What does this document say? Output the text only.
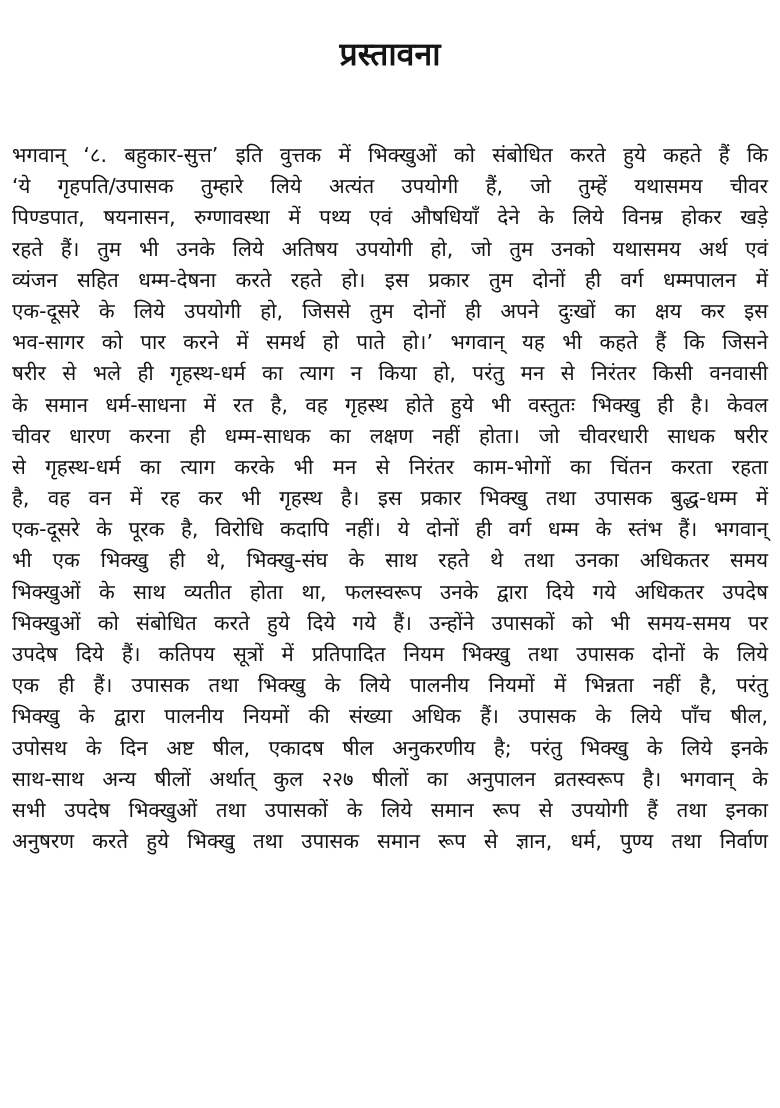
प्रस्तावना
भगवान्‌ ‘८. बहुकार-सुत्त’ इति वुत्तक में भिक्खुओं को संबोधित करते हुये कहते हैं कि
‘ये गृहपति/उपासक तुम्हारे लिये अत्यंत उपयोगी हैं, जो तुम्हें यथासमय चीवर
पिण्डपात, षयनासन, रुग्णावस्था में पथ्य एवं औषधियाँ देने के लिये विनम्र होकर खड़े
रहते हैं। तुम भी उनके लिये अतिषय उपयोगी हो, जो तुम उनको यथासमय अर्थ एवं
व्यंजन सहित धम्म-देषना करते रहते हो। इस प्रकार तुम दोनों ही वर्ग धम्मपालन में
एक-दूसरे के लिये उपयोगी हो, जिससे तुम दोनों ही अपने दुःखों का क्षय कर इस
भव-सागर को पार करने में समर्थ हो पाते हो।’ भगवान्‌ यह भी कहते हैं कि जिसने
षरीर से भले ही गृहस्थ-धर्म का त्याग न किया हो, परंतु मन से निरंतर किसी वनवासी
के समान धर्म-साधना में रत है, वह गृहस्थ होते हुये भी वस्तुतः भिक्खु ही है। केवल
चीवर धारण करना ही धम्म-साधक का लक्षण नहीं होता। जो चीवरधारी साधक षरीर
से गृहस्थ-धर्म का त्याग करके भी मन से निरंतर काम-भोगों का चिंतन करता रहता
है, वह वन में रह कर भी गृहस्थ है। इस प्रकार भिक्खु तथा उपासक बुद्ध-धम्म में
एक-दूसरे के पूरक है, विरोधि कदापि नहीं। ये दोनों ही वर्ग धम्म के स्तंभ हैं। भगवान्‌
भी एक भिक्खु ही थे, भिक्खु-संघ के साथ रहते थे तथा उनका अधिकतर समय
भिक्खुओं के साथ व्यतीत होता था, फलस्वरूप उनके द्वारा दिये गये अधिकतर उपदेष
भिक्खुओं को संबोधित करते हुये दिये गये हैं। उन्होंने उपासकों को भी समय-समय पर
उपदेष दिये हैं। कतिपय सूत्रों में प्रतिपादित नियम भिक्खु तथा उपासक दोनों के लिये
एक ही हैं। उपासक तथा भिक्खु के लिये पालनीय नियमों में भिन्नता नहीं है, परंतु
भिक्खु के द्वारा पालनीय नियमों की संख्या अधिक हैं। उपासक के लिये पाँच षील,
उपोसथ के दिन अष्ट षील, एकादष षील अनुकरणीय है; परंतु भिक्खु के लिये इनके
साथ-साथ अन्य षीलों अर्थात्‌ कुल २२७ षीलों का अनुपालन व्रतस्वरूप है। भगवान्‌ के
सभी उपदेष भिक्खुओं तथा उपासकों के लिये समान रूप से उपयोगी हैं तथा इनका
अनुषरण करते हुये भिक्खु तथा उपासक समान रूप से ज्ञान, धर्म, पुण्य तथा निर्वाण
